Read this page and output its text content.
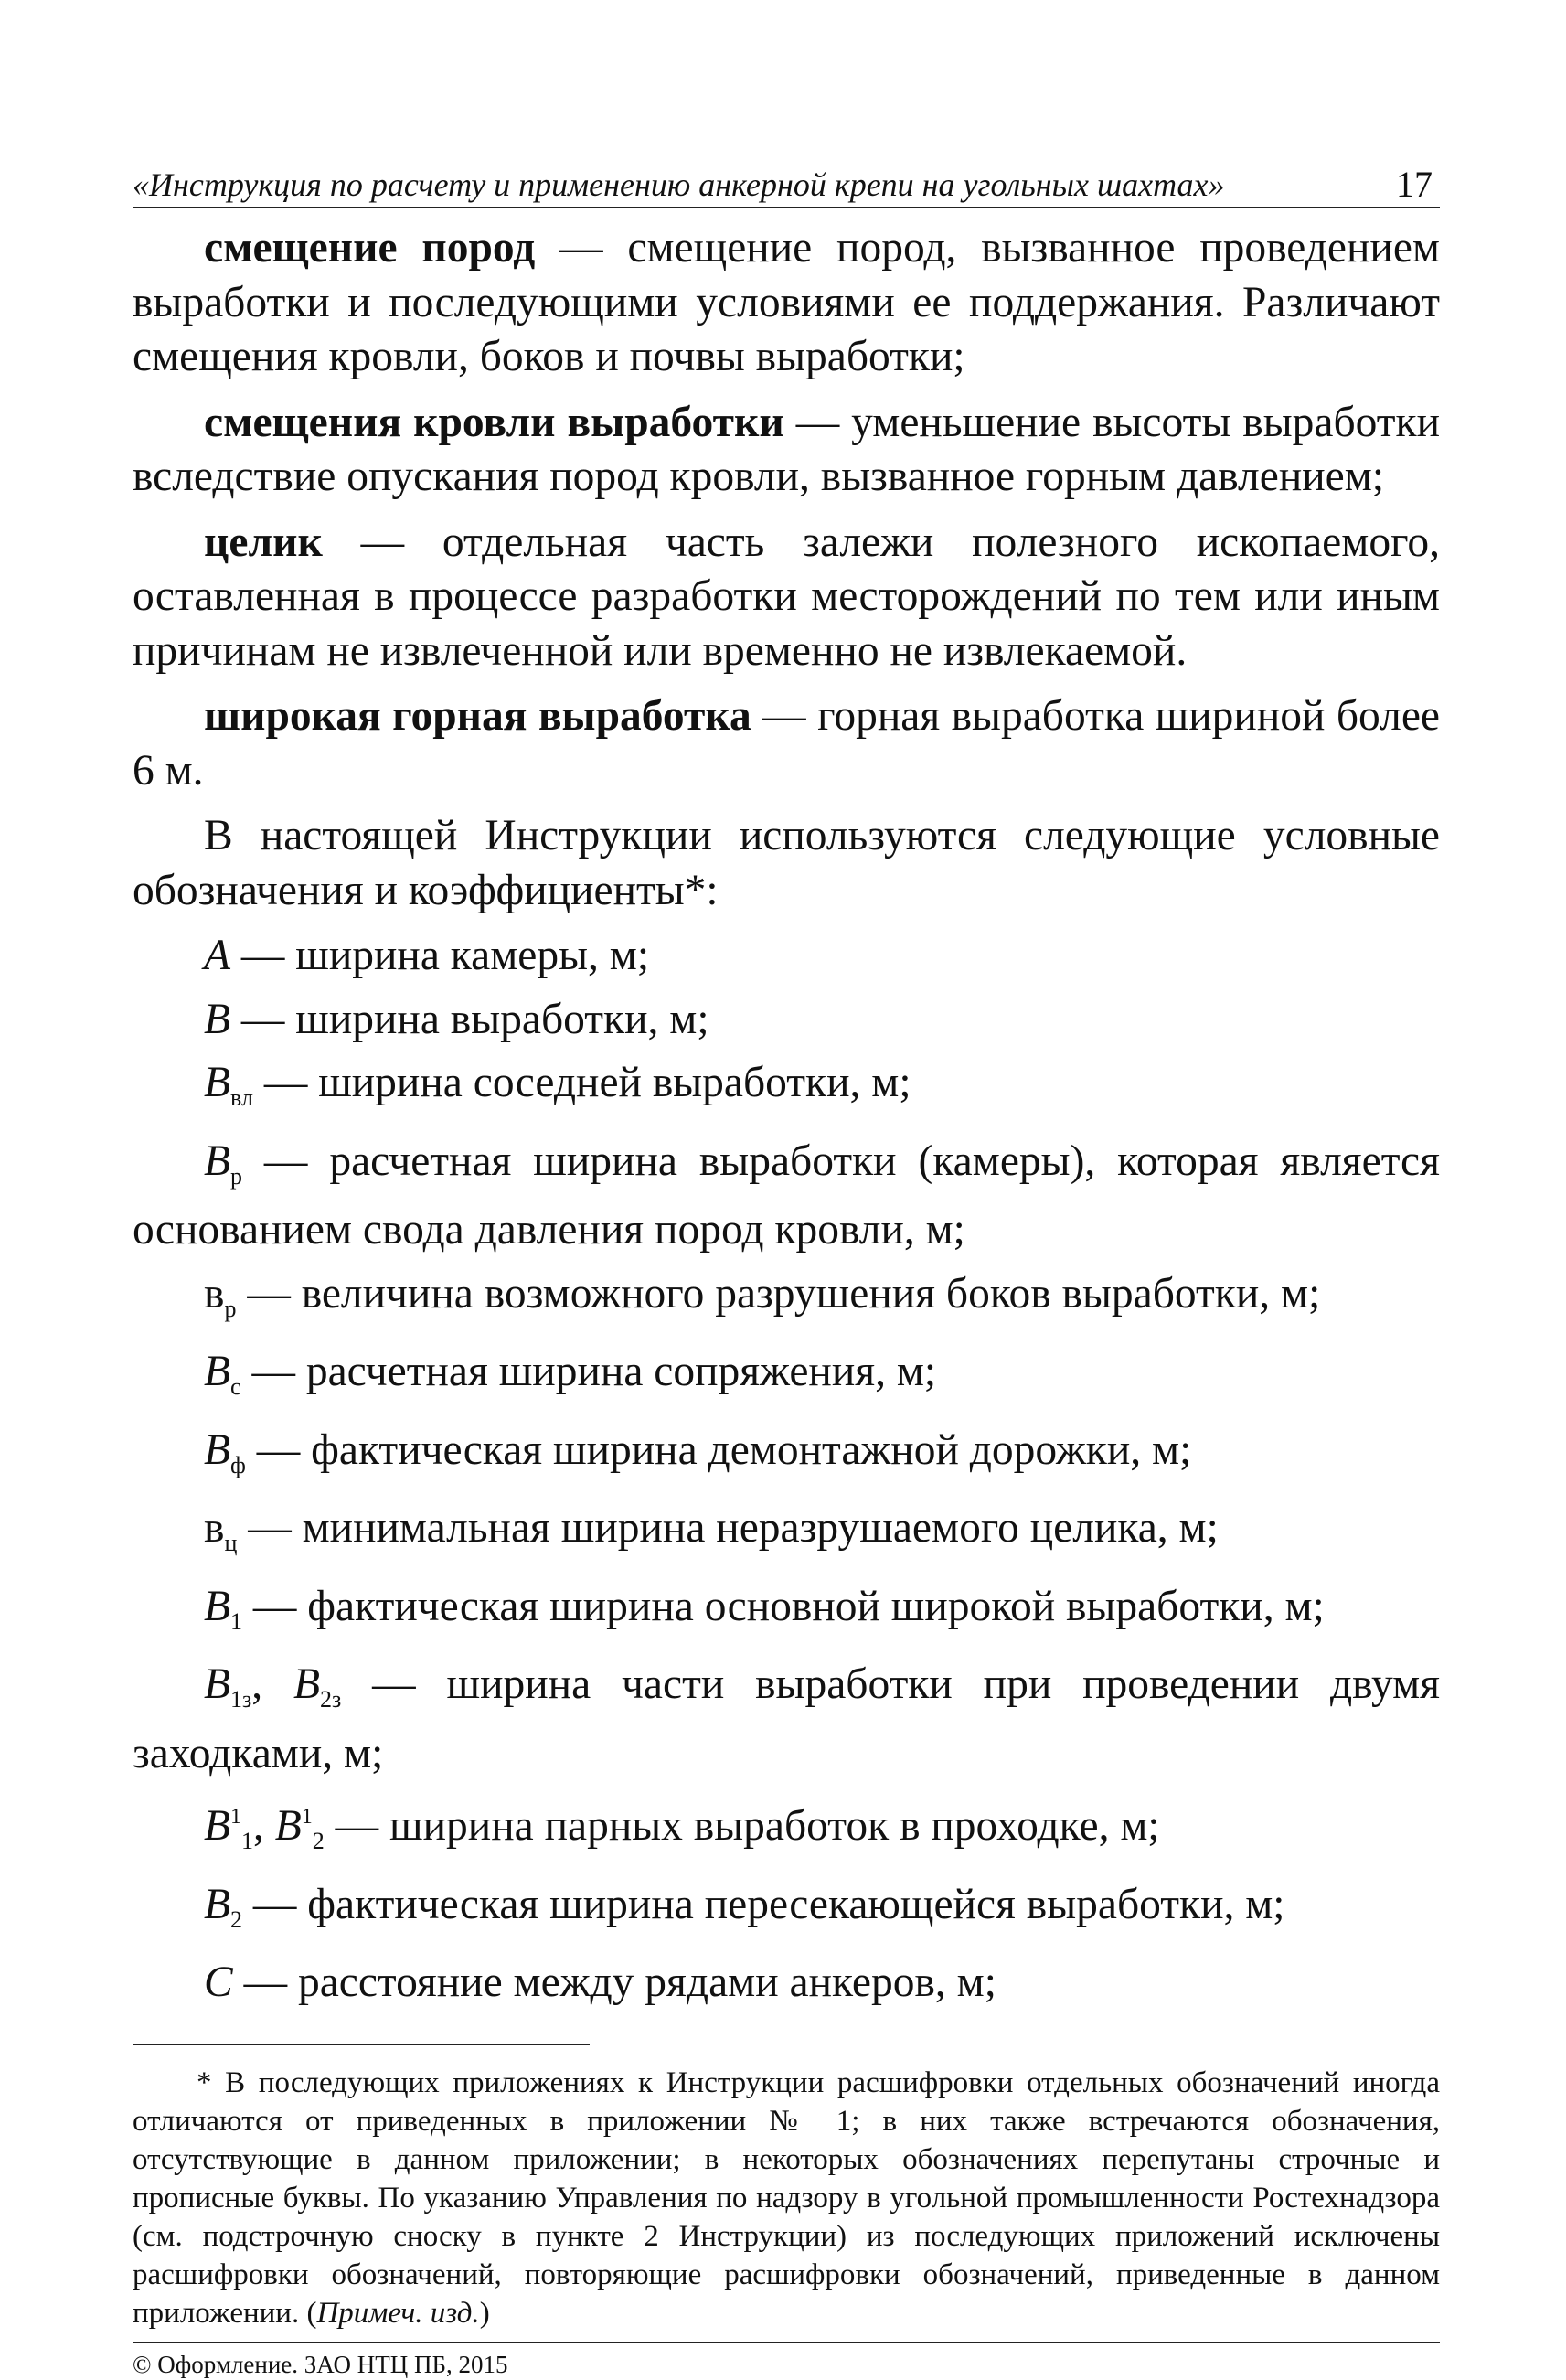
«Инструкция по расчету и применению анкерной крепи на угольных шахтах»	17

смещение пород — смещение пород, вызванное проведением выработки и последующими условиями ее поддержания. Различают смещения кровли, боков и почвы выработки;

смещения кровли выработки — уменьшение высоты выработки вследствие опускания пород кровли, вызванное горным давлением;

целик — отдельная часть залежи полезного ископаемого, оставленная в процессе разработки месторождений по тем или иным причинам не извлеченной или временно не извлекаемой.

широкая горная выработка — горная выработка шириной более 6 м.

В настоящей Инструкции используются следующие условные обозначения и коэффициенты*:

A — ширина камеры, м;

B — ширина выработки, м;

$B_{вл}$ — ширина соседней выработки, м;

$B_р$ — расчетная ширина выработки (камеры), которая является основанием свода давления пород кровли, м;

$в_р$ — величина возможного разрушения боков выработки, м;

$B_с$ — расчетная ширина сопряжения, м;

$B_ф$ — фактическая ширина демонтажной дорожки, м;

$в_ц$ — минимальная ширина неразрушаемого целика, м;

$B_1$ — фактическая ширина основной широкой выработки, м;

$B_{1з}$, $B_{2з}$ — ширина части выработки при проведении двумя заходками, м;

$B^1_1$, $B^1_2$ — ширина парных выработок в проходке, м;

$B_2$ — фактическая ширина пересекающейся выработки, м;

C — расстояние между рядами анкеров, м;

* В последующих приложениях к Инструкции расшифровки отдельных обозначений иногда отличаются от приведенных в приложении № 1; в них также встречаются обозначения, отсутствующие в данном приложении; в некоторых обозначениях перепутаны строчные и прописные буквы. По указанию Управления по надзору в угольной промышленности Ростехнадзора (см. подстрочную сноску в пункте 2 Инструкции) из последующих приложений исключены расшифровки обозначений, повторяющие расшифровки обозначений, приведенные в данном приложении. (Примеч. изд.)
© Оформление. ЗАО НТЦ ПБ, 2015
